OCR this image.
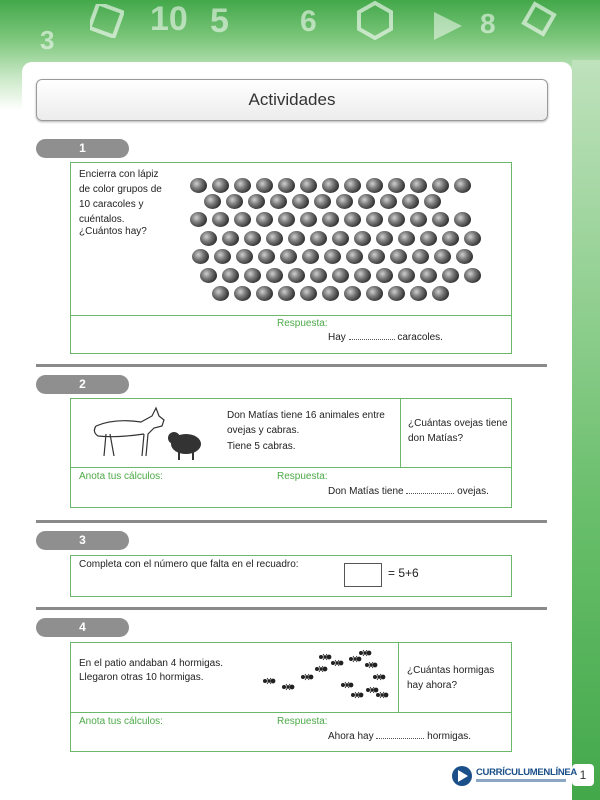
10 5 6	8
3
1
Actividades
1
Encierra con lápiz de color grupos de 10 caracoles y cuéntalos.
¿Cuántos hay?
Respuesta:
Hay	caracoles.
2
Don Matías tiene 16 animales entre ovejas y cabras.
Tiene 5 cabras.
¿Cuántas ovejas tiene don Matías?
Anota tus cálculos:	Respuesta:
Don Matías tiene	ovejas.
3
Completa con el número que falta en el recuadro:
= 5+6
4
En el patio andaban 4 hormigas.
Llegaron otras 10 hormigas.
¿Cuántas hormigas hay ahora?
Anota tus cálculos:	Respuesta:
Ahora hay	hormigas.
CURRÍCULUMENLÍNEA
